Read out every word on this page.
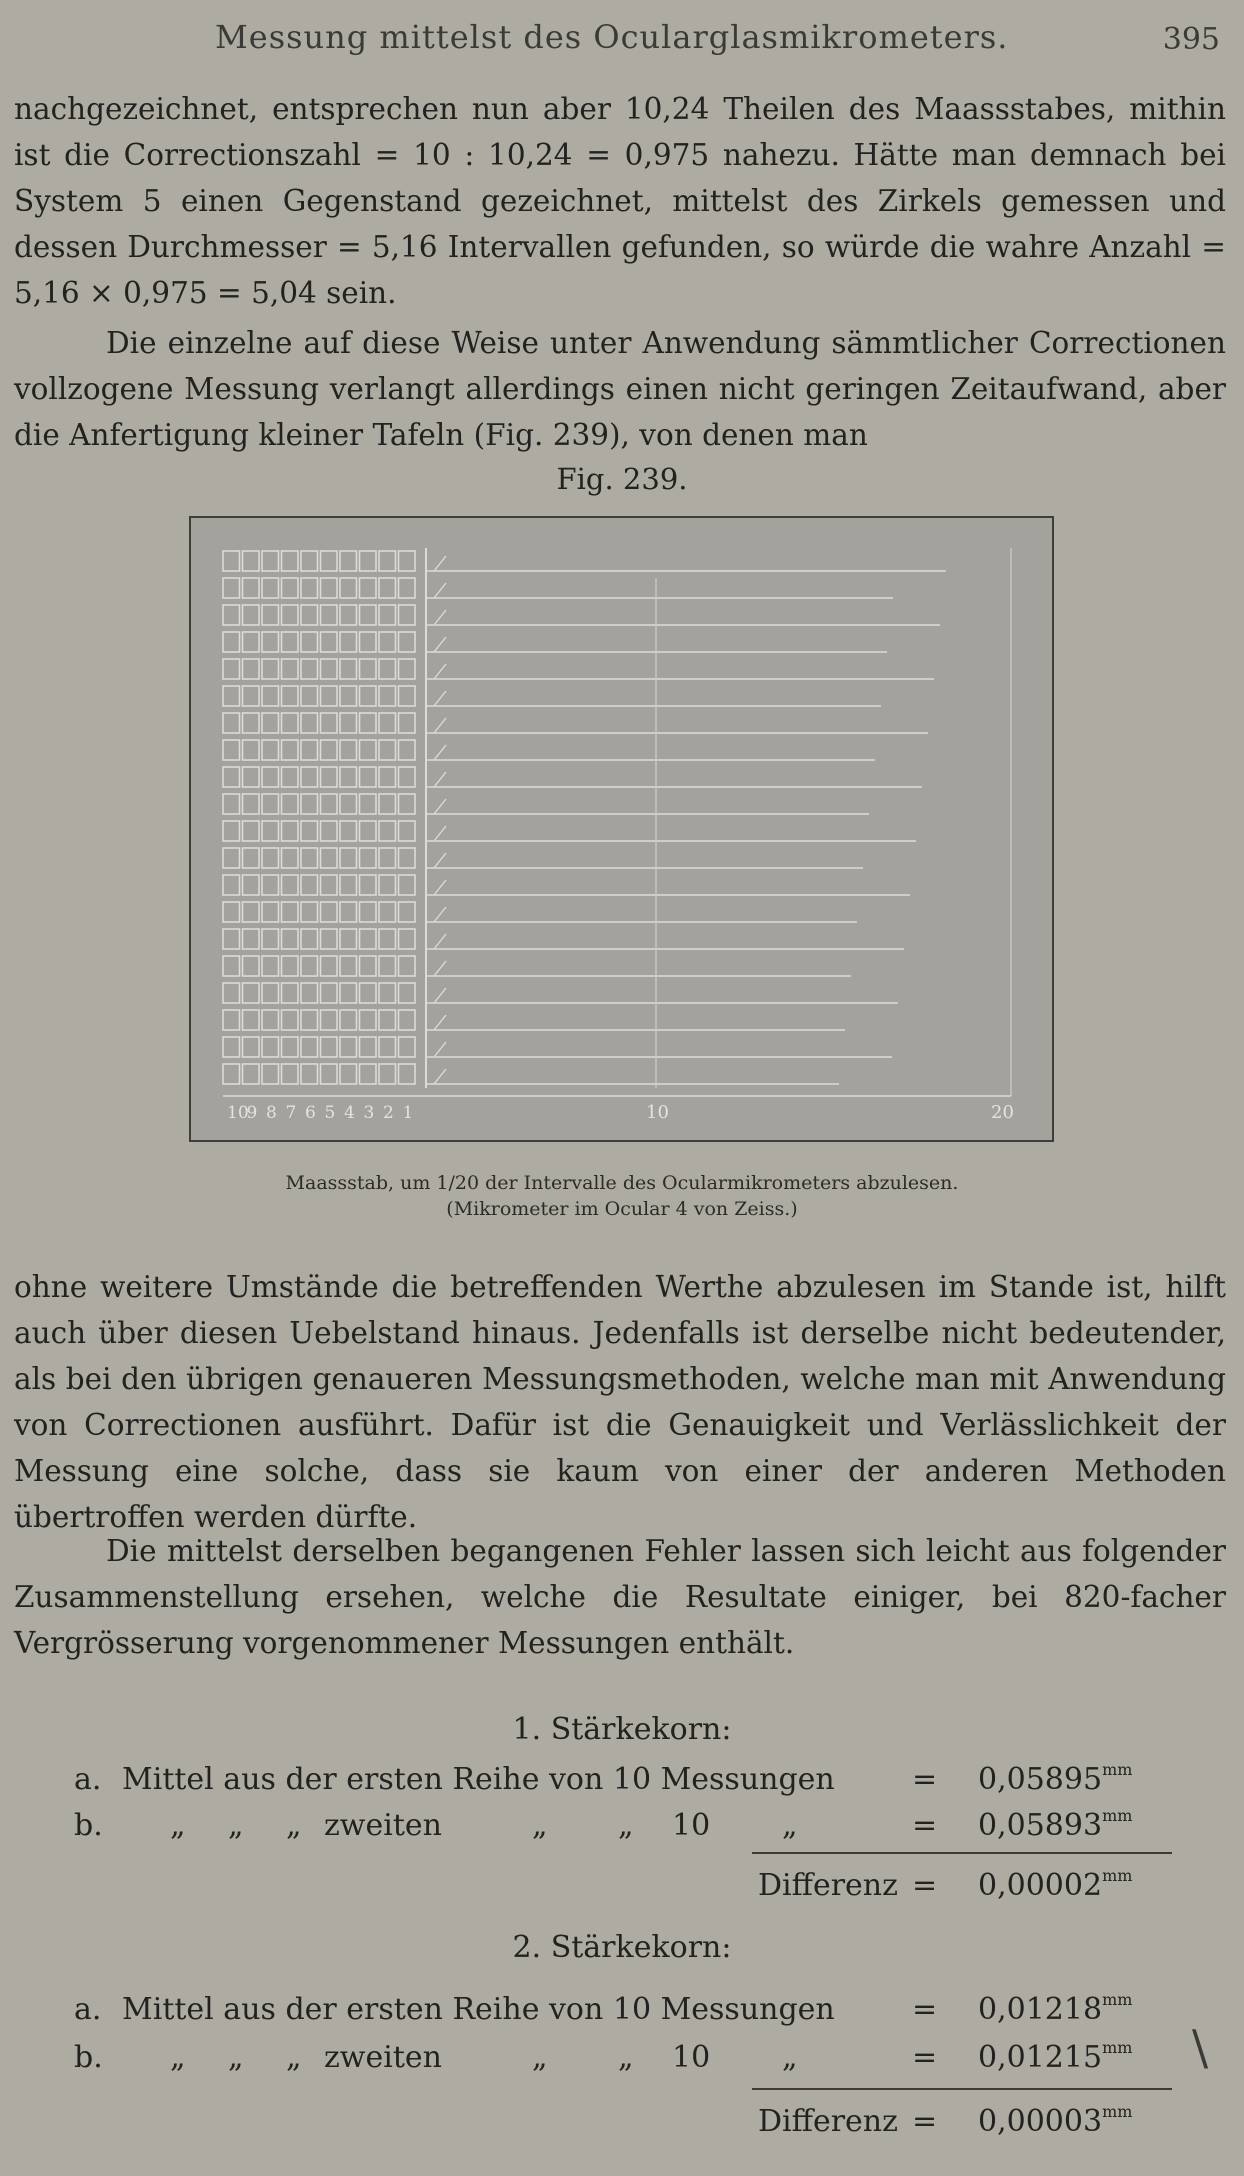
Messung mittelst des Ocularglasmikrometers.	395
nachgezeichnet, entsprechen nun aber 10,24 Theilen des Maassstabes, mithin ist die Correctionszahl = 10 : 10,24 = 0,975 nahezu. Hätte man demnach bei System 5 einen Gegenstand gezeichnet, mittelst des Zirkels gemessen und dessen Durchmesser = 5,16 Intervallen gefunden, so würde die wahre Anzahl = 5,16 × 0,975 = 5,04 sein.
Die einzelne auf diese Weise unter Anwendung sämmtlicher Correctionen vollzogene Messung verlangt allerdings einen nicht geringen Zeitaufwand, aber die Anfertigung kleiner Tafeln (Fig. 239), von denen man
Fig. 239.
10
9 8 7 6 5 4 3 2 1	10	20
Maassstab, um 1/20 der Intervalle des Ocularmikrometers abzulesen.
(Mikrometer im Ocular 4 von Zeiss.)
ohne weitere Umstände die betreffenden Werthe abzulesen im Stande ist, hilft auch über diesen Uebelstand hinaus. Jedenfalls ist derselbe nicht bedeutender, als bei den übrigen genaueren Messungsmethoden, welche man mit Anwendung von Correctionen ausführt. Dafür ist die Genauigkeit und Verlässlichkeit der Messung eine solche, dass sie kaum von einer der anderen Methoden übertroffen werden dürfte.
Die mittelst derselben begangenen Fehler lassen sich leicht aus folgender Zusammenstellung ersehen, welche die Resultate einiger, bei 820-facher Vergrösserung vorgenommener Messungen enthält.
1. Stärkekorn:
a. Mittel aus der ersten Reihe von 10 Messungen	= $0,05895^{mm}$
b. „ „ „ zweiten	„ „ 10 „	= $0,05893^{mm}$
Differenz = $0,00002^{mm}$
2. Stärkekorn:
a. Mittel aus der ersten Reihe von 10 Messungen	= $0,01218^{mm}$
b. „ „ „ zweiten	„ „ 10 „	= $0,01215^{mm}$
Differenz = $0,00003^{mm}$
\
